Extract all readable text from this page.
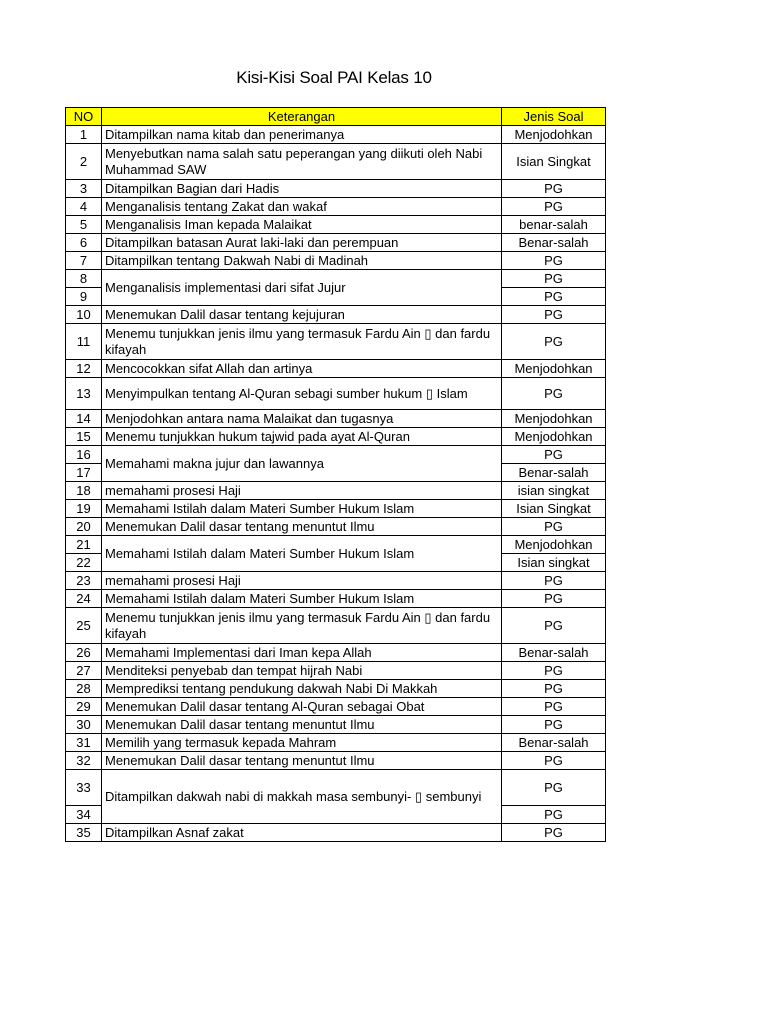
Kisi-Kisi Soal PAI Kelas 10
NO	Keterangan	Jenis Soal
1	Ditampilkan nama kitab dan penerimanya	Menjodohkan
2	Menyebutkan nama salah satu peperangan yang diikuti oleh Nabi Muhammad SAW	Isian Singkat
3	Ditampilkan Bagian dari Hadis	PG
4	Menganalisis tentang Zakat dan wakaf	PG
5	Menganalisis Iman kepada Malaikat	benar-salah
6	Ditampilkan batasan Aurat laki-laki dan perempuan	Benar-salah
7	Ditampilkan tentang Dakwah Nabi di Madinah	PG
8	Menganalisis implementasi dari sifat Jujur	PG
9		PG
10	Menemukan Dalil dasar tentang kejujuran	PG
11	Menemu tunjukkan jenis ilmu yang termasuk Fardu Ain ▯ dan fardu kifayah	PG
12	Mencocokkan sifat Allah dan artinya	Menjodohkan
13	Menyimpulkan tentang Al-Quran sebagi sumber hukum ▯ Islam	PG
14	Menjodohkan antara nama Malaikat dan tugasnya	Menjodohkan
15	Menemu tunjukkan hukum tajwid pada ayat Al-Quran	Menjodohkan
16	Memahami makna jujur dan lawannya	PG
17		Benar-salah
18	memahami prosesi Haji	isian singkat
19	Memahami Istilah dalam Materi Sumber Hukum Islam	Isian Singkat
20	Menemukan Dalil dasar tentang menuntut Ilmu	PG
21	Memahami Istilah dalam Materi Sumber Hukum Islam	Menjodohkan
22		Isian singkat
23	memahami prosesi Haji	PG
24	Memahami Istilah dalam Materi Sumber Hukum Islam	PG
25	Menemu tunjukkan jenis ilmu yang termasuk Fardu Ain ▯ dan fardu kifayah	PG
26	Memahami Implementasi dari Iman kepa Allah	Benar-salah
27	Menditeksi penyebab dan tempat hijrah Nabi	PG
28	Memprediksi tentang pendukung dakwah Nabi Di Makkah	PG
29	Menemukan Dalil dasar tentang Al-Quran sebagai Obat	PG
30	Menemukan Dalil dasar tentang menuntut Ilmu	PG
31	Memilih yang termasuk kepada Mahram	Benar-salah
32	Menemukan Dalil dasar tentang menuntut Ilmu	PG
33	Ditampilkan dakwah nabi di makkah masa sembunyi- ▯ sembunyi	PG
34		PG
35	Ditampilkan Asnaf zakat	PG
